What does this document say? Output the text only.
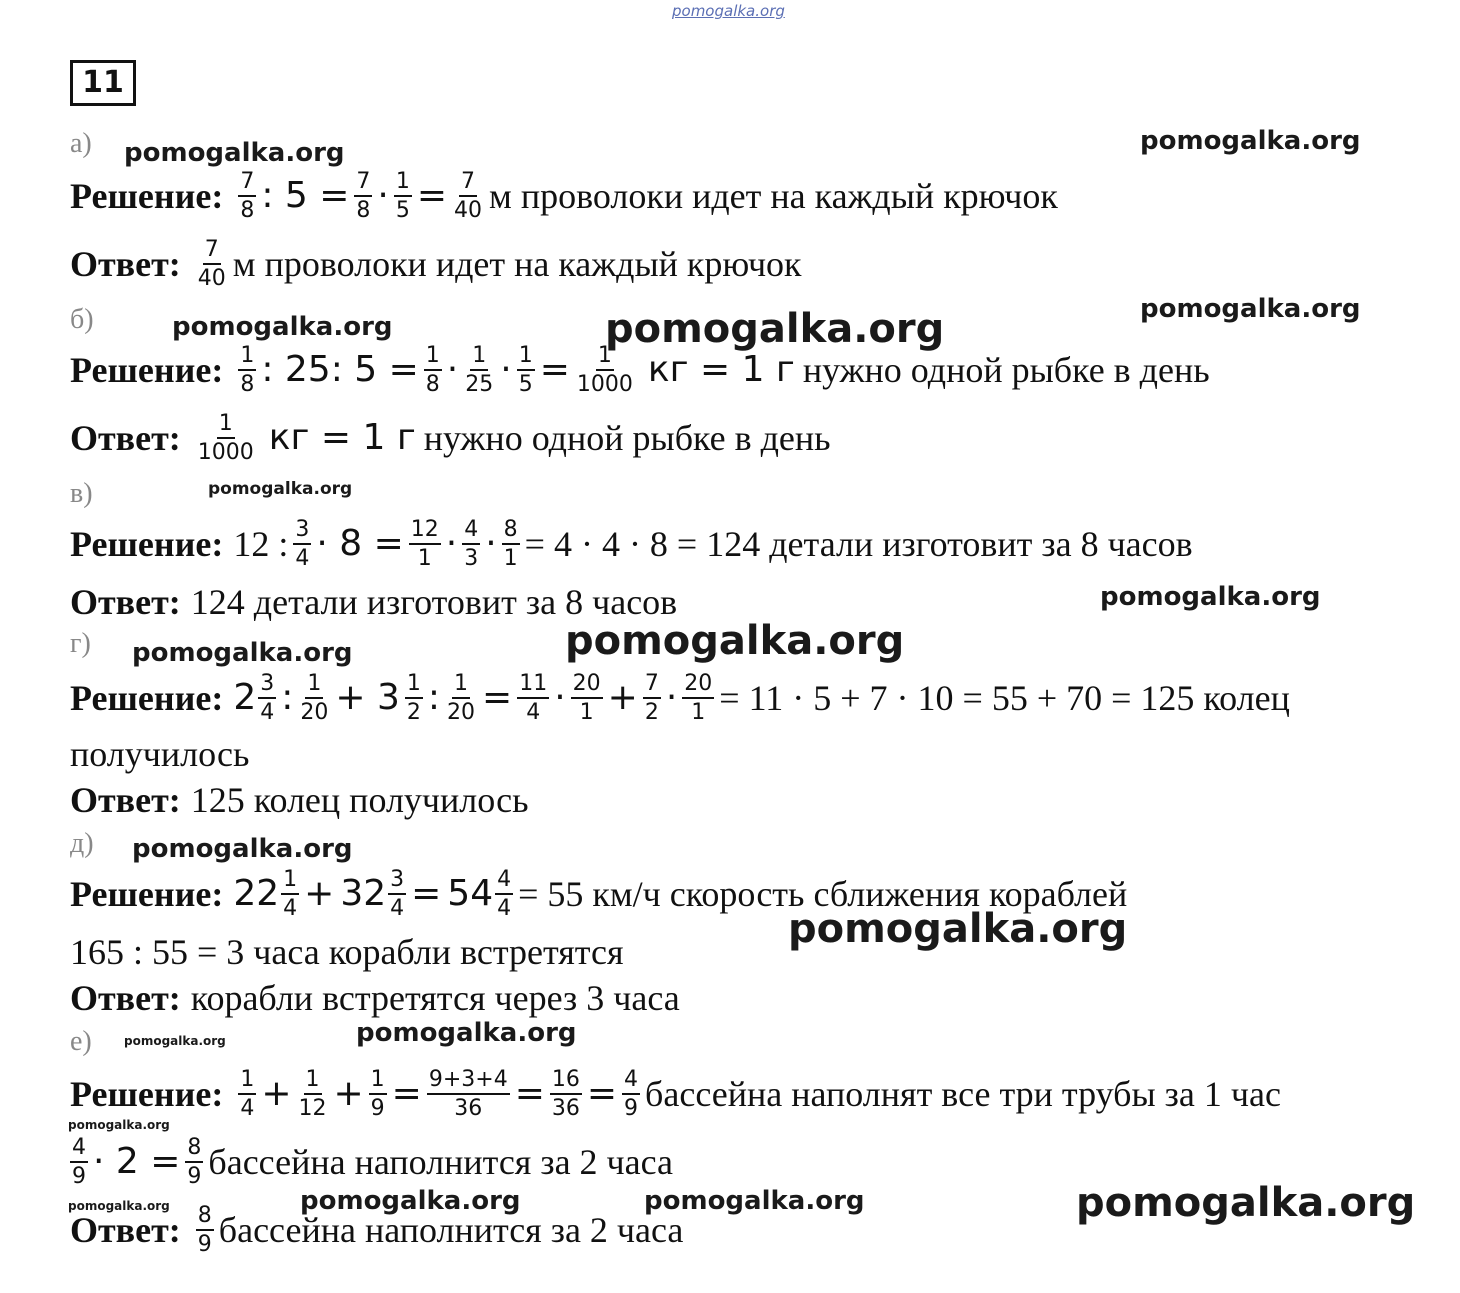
pomogalka.org
11
pomogalka.org	pomogalka.org
pomogalka.org
pomogalka.org	pomogalka.org
pomogalka.org
pomogalka.org
pomogalka.org
pomogalka.org
pomogalka.org
pomogalka.org
pomogalka.org
pomogalka.org
pomogalka.org
pomogalka.org	pomogalka.org	pomogalka.org	pomogalka.org
а)
Решение: $\frac{7}{8}$ : $5 = \frac{7}{8} \cdot \frac{1}{5} = \frac{7}{40}$ м проволоки идет на каждый крючок
Ответ: $\frac{7}{40}$ м проволоки идет на каждый крючок
б)
Решение: $\frac{1}{8}$ : 25: $5 = \frac{1}{8} \cdot \frac{1}{25} \cdot \frac{1}{5} = \frac{1}{1000}$ кг = 1 г нужно одной рыбке в день
Ответ: $\frac{1}{1000}$ кг = 1 г нужно одной рыбке в день
в)
Решение: 12 : $\frac{3}{4} \cdot 8 = \frac{12}{1} \cdot \frac{4}{3} \cdot \frac{8}{1} = 4 \cdot 4 \cdot 8 = 124$ детали изготовит за 8 часов
Ответ: 124 детали изготовит за 8 часов
г)
Решение: $2 \frac{3}{4}$ : $\frac{1}{20} + 3 \frac{1}{2}$ : $\frac{1}{20} = \frac{11}{4} \cdot \frac{20}{1} + \frac{7}{2} \cdot \frac{20}{1} = 11 \cdot 5 + 7 \cdot 10 = 55 + 70 = 125$ колец
получилось
Ответ: 125 колец получилось
д)
Решение: $22 \frac{1}{4} + 32 \frac{3}{4} = 54 \frac{4}{4} = 55$ км/ч скорость сближения кораблей
165 : 55 = 3 часа корабли встретятся
Ответ: корабли встретятся через 3 часа
е)
Решение: $\frac{1}{4} + \frac{1}{12} + \frac{1}{9} = \frac{9+3+4}{36} = \frac{16}{36} = \frac{4}{9}$ бассейна наполнят все три трубы за 1 час
$\frac{4}{9} \cdot 2 = \frac{8}{9}$ бассейна наполнится за 2 часа
Ответ: $\frac{8}{9}$ бассейна наполнится за 2 часа
